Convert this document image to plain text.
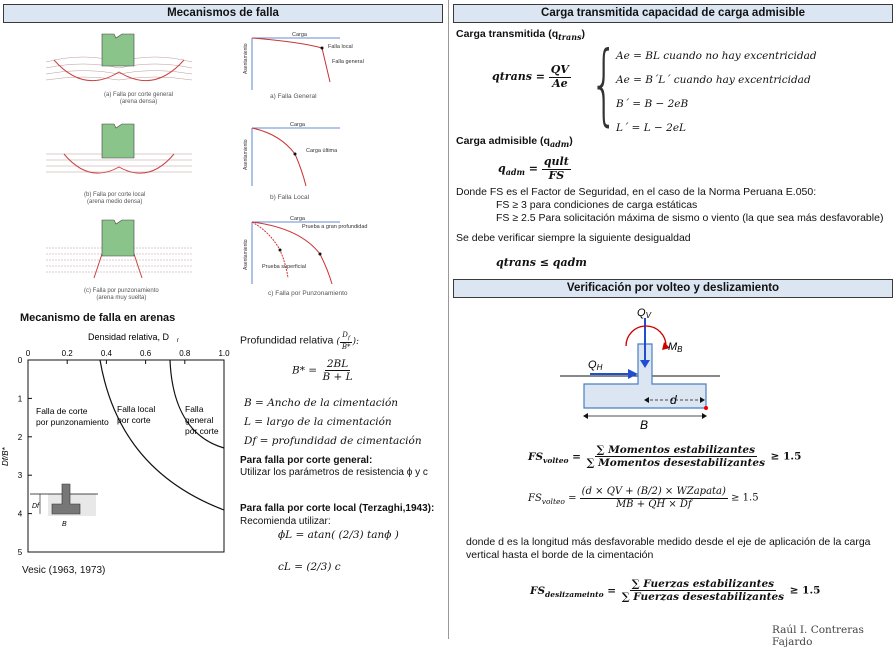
Mecanismos de falla
(a) Falla por corte general
(arena densa)
Asentamiento
Carga
Falla local
Falla general
a) Falla General
(b) Falla por corte local
(arena medio densa)
Asentamiento
Carga
Carga última
b) Falla Local
(c) Falla por punzonamiento
(arena muy suelta)
Asentamiento
Carga
Prueba a gran profundidad
Prueba superficial
c) Falla por Punzonamiento
Mecanismo de falla en arenas
Densidad relativa, D r
0	0.2	0.4	0.6	0.8	1.0
0
1
2
3
4
5
Df/B*
Falla de corte
por punzonamiento
Falla local
por corte
Falla
general
por corte
Df
B
Vesic (1963, 1973)
Profundidad relativa ( $\frac{D_f}{B*}$ ):
$B* = \frac{2BL}{B + L}$
B = Ancho de la cimentación
L = largo de la cimentación
Df = profundidad de cimentación
Para falla por corte general:
Utilizar los parámetros de resistencia ϕ y c
Para falla por corte local (Terzaghi,1943):
Recomienda utilizar:
ϕL = atan( (2/3) tanϕ )
cL = (2/3) c
Carga transmitida capacidad de carga admisible
Carga transmitida $(q_{trans})$
qtrans = $\frac{QV}{Ae}$ {
Ae = BL cuando no hay excentricidad
Ae = B´L´ cuando hay excentricidad
B´ = B − 2eB
L´ = L − 2eL
Carga admisible $(q_{adm})$
$q_{adm} = \frac{\text{qult}}{FS}$
Donde FS es el Factor de Seguridad, en el caso de la Norma Peruana E.050:
FS ≥ 3 para condiciones de carga estáticas
FS ≥ 2.5 Para solicitación máxima de sismo o viento (la que sea más desfavorable)
Se debe verificar siempre la siguiente desigualdad
qtrans ≤ qadm
Verificación por volteo y deslizamiento
QV
MB
QH
d
B
$FS_{volteo} = \frac{\text{∑ Momentos estabilizantes}}{\text{∑ Momentos desestabilizantes}} \ge 1.5$
$FS_{volteo} = \frac{\text{(d × QV + (B/2) × WZapata)}}{MB + QH \times Df} \ge 1.5$
donde d es la longitud más desfavorable medido desde el eje de aplicación de la carga vertical hasta el borde de la cimentación
$FS_{deslizameinto} = \frac{\text{∑ Fuerzas estabilizantes}}{\text{∑ Fuerzas desestabilizantes}} \ge 1.5$
Raúl I. Contreras Fajardo
